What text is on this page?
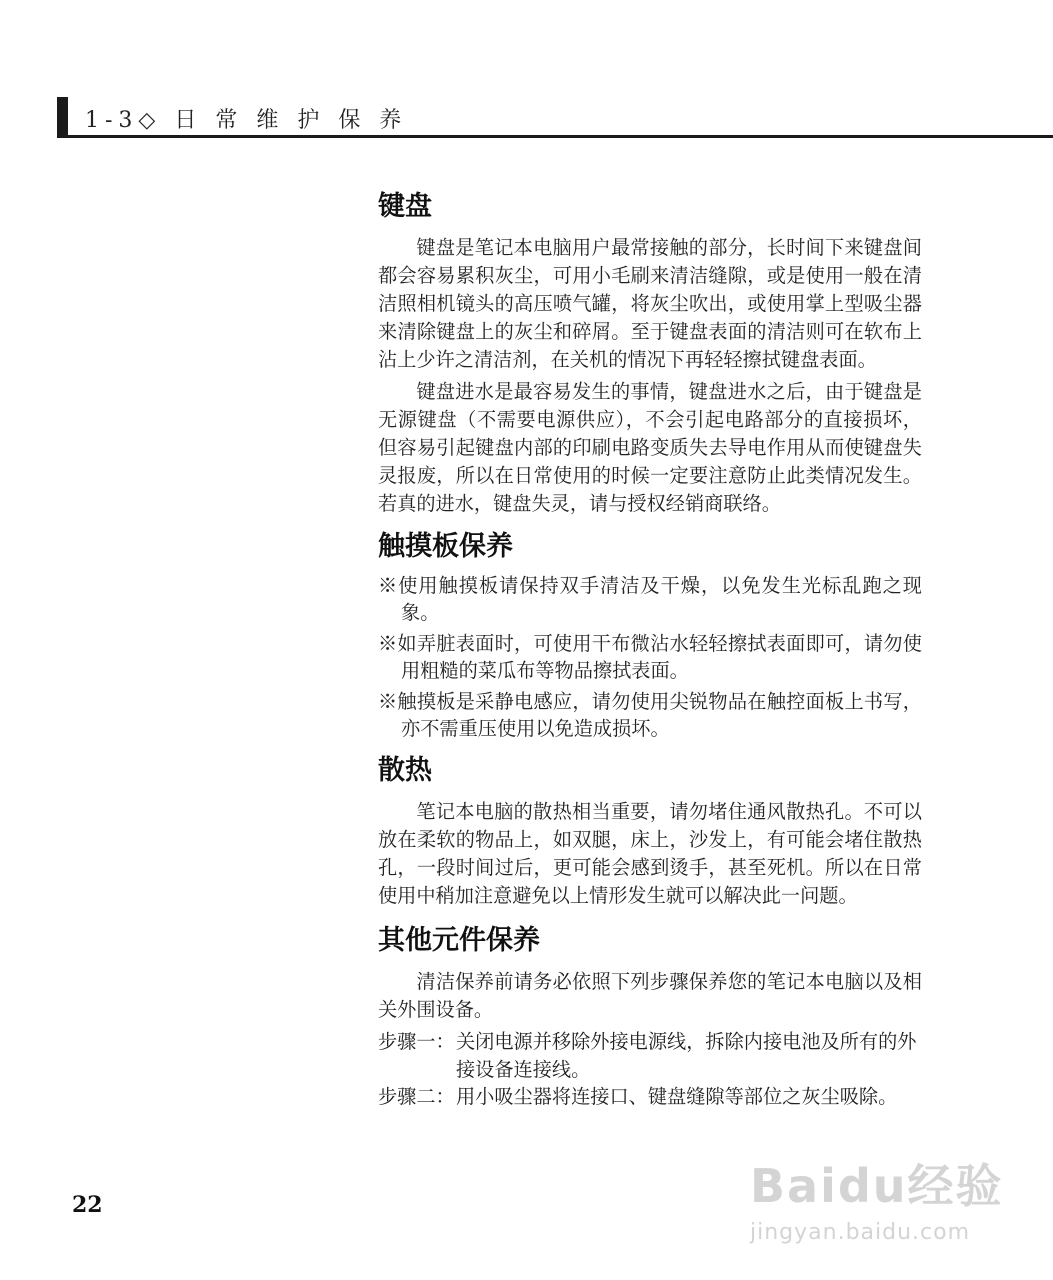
1-3◇ 日 常 维 护 保 养
键盘

键盘是笔记本电脑用户最常接触的部分，长时间下来键盘间都会容易累积灰尘，可用小毛刷来清洁缝隙，或是使用一般在清洁照相机镜头的高压喷气罐，将灰尘吹出，或使用掌上型吸尘器来清除键盘上的灰尘和碎屑。至于键盘表面的清洁则可在软布上沾上少许之清洁剂，在关机的情况下再轻轻擦拭键盘表面。

键盘进水是最容易发生的事情，键盘进水之后，由于键盘是无源键盘（不需要电源供应），不会引起电路部分的直接损坏，但容易引起键盘内部的印刷电路变质失去导电作用从而使键盘失灵报废，所以在日常使用的时候一定要注意防止此类情况发生。若真的进水，键盘失灵，请与授权经销商联络。

触摸板保养
※使用触摸板请保持双手清洁及干燥，以免发生光标乱跑之现象。
※如弄脏表面时，可使用干布微沾水轻轻擦拭表面即可，请勿使用粗糙的菜瓜布等物品擦拭表面。
※触摸板是采静电感应，请勿使用尖锐物品在触控面板上书写，亦不需重压使用以免造成损坏。
散热

笔记本电脑的散热相当重要，请勿堵住通风散热孔。不可以放在柔软的物品上，如双腿，床上，沙发上，有可能会堵住散热孔，一段时间过后，更可能会感到烫手，甚至死机。所以在日常使用中稍加注意避免以上情形发生就可以解决此一问题。

其他元件保养

清洁保养前请务必依照下列步骤保养您的笔记本电脑以及相关外围设备。

步骤一： 关闭电源并移除外接电源线，拆除内接电池及所有的外接设备连接线。
步骤二： 用小吸尘器将连接口、键盘缝隙等部位之灰尘吸除。
22	Baidu经验
jingyan.baidu.com
